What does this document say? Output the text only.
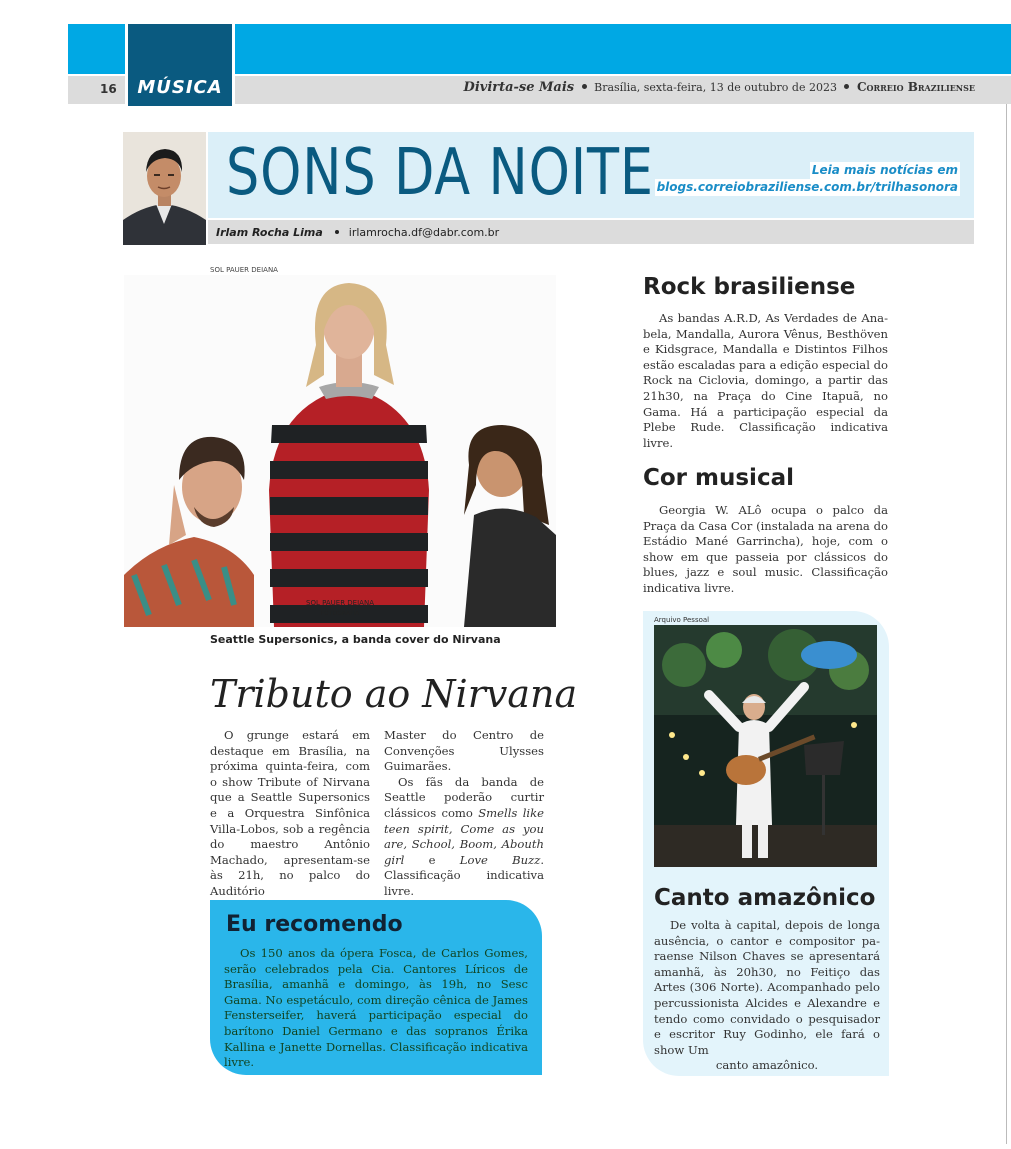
MÚSICA
16	Divirta-se Mais Brasília, sexta-feira, 13 de outubro de 2023 Correio Braziliense
SONS DA NOITE	Leia mais notícias em
blogs.correiobraziliense.com.br/trilhasonora
Irlam Rocha Lima irlamrocha.df@dabr.com.br
SOL PAUER DEIANA
SOL PAUER DEIANA
FOTOGRAFIA
Seattle Supersonics, a banda cover do Nirvana
Tributo ao Nirvana
O grunge estará em destaque em Brasília, na próxima quinta-feira, com o show Tribute of Nirvana que a Seattle Supersonics e a Orquestra Sinfônica Villa-Lobos, sob a regência do maestro Antônio Machado, apresentam-se às 21h, no palco do Auditório

Master do Centro de Convenções Ulysses Guimarães.

Os fãs da banda de Seattle poderão curtir clássicos como Smells like teen spirit, Come as you are, School, Boom, Abouth girl e Love Buzz. Classificação indicativa livre.

Eu recomendo
Os 150 anos da ópera Fosca, de Carlos Gomes, serão celebrados pela Cia. Cantores Líricos de Brasília, amanhã e domingo, às 19h, no Sesc Gama. No espetáculo, com direção cênica de James Fensterseifer, haverá participação especial do barítono Daniel Germano e das sopranos Érika Kallina e Janette Dornellas. Classificação indicativa livre.
Rock brasiliense
As bandas A.R.D, As Verdades de Anabela, Mandalla, Aurora Vênus, Besthöven e Kidsgrace, Mandalla e Distintos Filhos estão escaladas para a edição especial do Rock na Ciclovia, domingo, a partir das 21h30, na Praça do Cine Itapuã, no Gama. Há a participação especial da Plebe Rude. Classificação indicativa livre.
Cor musical
Georgia W. ALô ocupa o palco da Praça da Casa Cor (instalada na arena do Estádio Mané Garrincha), hoje, com o show em que passeia por clássicos do blues, jazz e soul music. Classificação indicativa livre.
Arquivo Pessoal
Canto amazônico
De volta à capital, depois de longa ausência, o cantor e compositor paraense Nilson Chaves se apresentará amanhã, às 20h30, no Feitiço das Artes (306 Norte). Acompanhado pelo percussionista Alcides e Alexandre e tendo como convidado o pesquisador e escritor Ruy Godinho, ele fará o show Um
canto amazônico.
